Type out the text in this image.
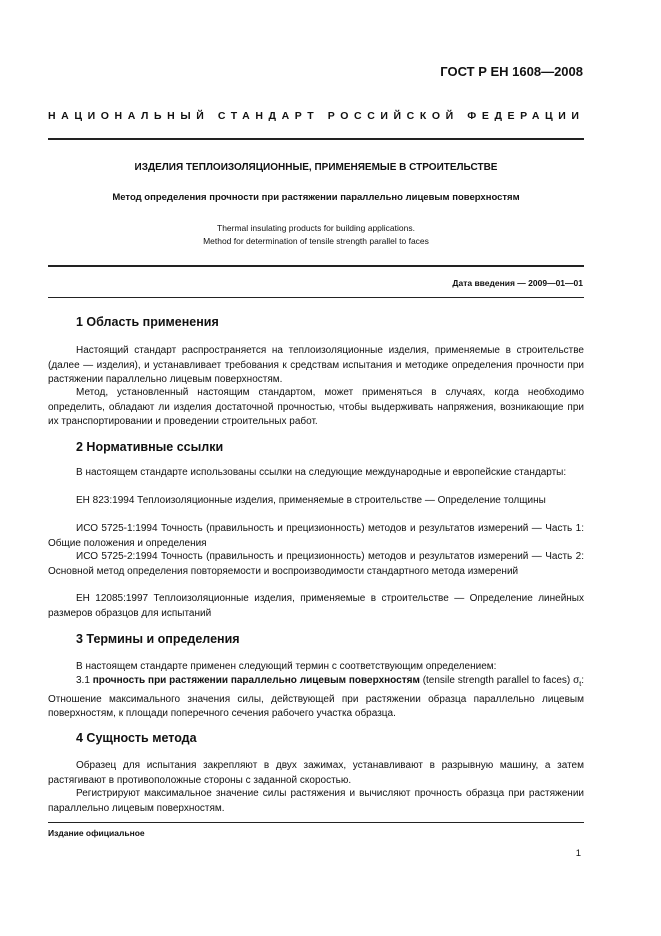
ГОСТ Р ЕН 1608—2008
НАЦИОНАЛЬНЫЙ СТАНДАРТ РОССИЙСКОЙ ФЕДЕРАЦИИ
ИЗДЕЛИЯ ТЕПЛОИЗОЛЯЦИОННЫЕ, ПРИМЕНЯЕМЫЕ В СТРОИТЕЛЬСТВЕ
Метод определения прочности при растяжении параллельно лицевым поверхностям
Thermal insulating products for building applications.
Method for determination of tensile strength parallel to faces
Дата введения — 2009—01—01
1 Область применения

Настоящий стандарт распространяется на теплоизоляционные изделия, применяемые в строительстве (далее — изделия), и устанавливает требования к средствам испытания и методике определения прочности при растяжении параллельно лицевым поверхностям.

Метод, установленный настоящим стандартом, может применяться в случаях, когда необходимо определить, обладают ли изделия достаточной прочностью, чтобы выдерживать напряжения, возникающие при их транспортировании и проведении строительных работ.

2 Нормативные ссылки

В настоящем стандарте использованы ссылки на следующие международные и европейские стандарты:

ЕН 823:1994 Теплоизоляционные изделия, применяемые в строительстве — Определение толщины

ИСО 5725-1:1994 Точность (правильность и прецизионность) методов и результатов измерений — Часть 1: Общие положения и определения

ИСО 5725-2:1994 Точность (правильность и прецизионность) методов и результатов измерений — Часть 2: Основной метод определения повторяемости и воспроизводимости стандартного метода измерений

ЕН 12085:1997 Теплоизоляционные изделия, применяемые в строительстве — Определение линейных размеров образцов для испытаний

3 Термины и определения

В настоящем стандарте применен следующий термин с соответствующим определением:

3.1 прочность при растяжении параллельно лицевым поверхностям (tensile strength parallel to faces) $\sigma_t$: Отношение максимального значения силы, действующей при растяжении образца параллельно лицевым поверхностям, к площади поперечного сечения рабочего участка образца.

4 Сущность метода

Образец для испытания закрепляют в двух зажимах, устанавливают в разрывную машину, а затем растягивают в противоположные стороны с заданной скоростью.

Регистрируют максимальное значение силы растяжения и вычисляют прочность образца при растяжении параллельно лицевым поверхностям.

Издание официальное
1
